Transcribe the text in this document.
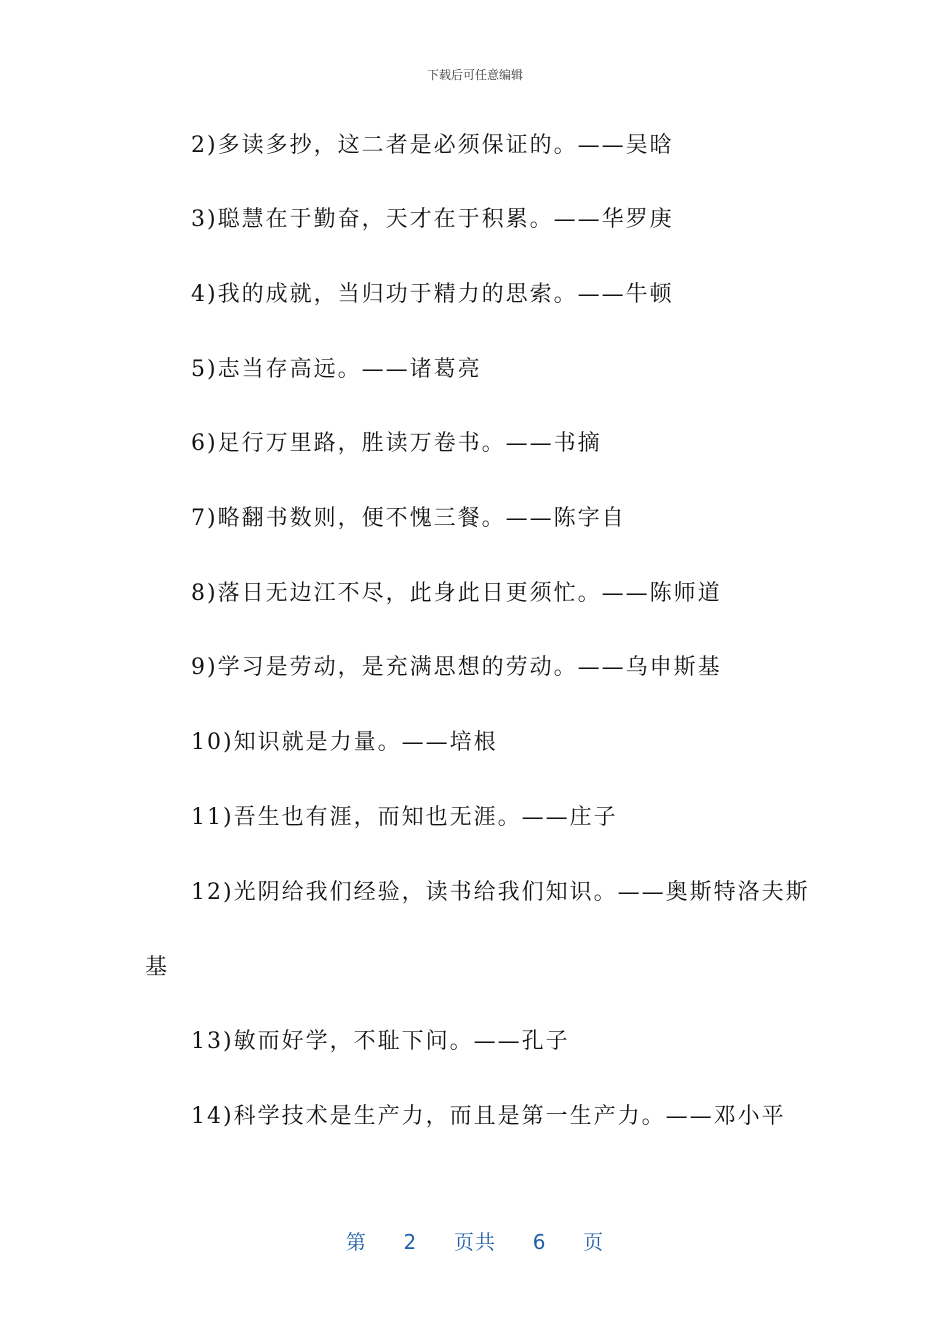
下载后可任意编辑
2)多读多抄，这二者是必须保证的。——吴晗
3)聪慧在于勤奋，天才在于积累。——华罗庚
4)我的成就，当归功于精力的思索。——牛顿
5)志当存高远。——诸葛亮
6)足行万里路，胜读万卷书。——书摘
7)略翻书数则，便不愧三餐。——陈字自
8)落日无边江不尽，此身此日更须忙。——陈师道
9)学习是劳动，是充满思想的劳动。——乌申斯基
10)知识就是力量。——培根
11)吾生也有涯，而知也无涯。——庄子
12)光阴给我们经验，读书给我们知识。——奥斯特洛夫斯
基
13)敏而好学，不耻下问。——孔子
14)科学技术是生产力，而且是第一生产力。——邓小平
第 2 页共 6 页
